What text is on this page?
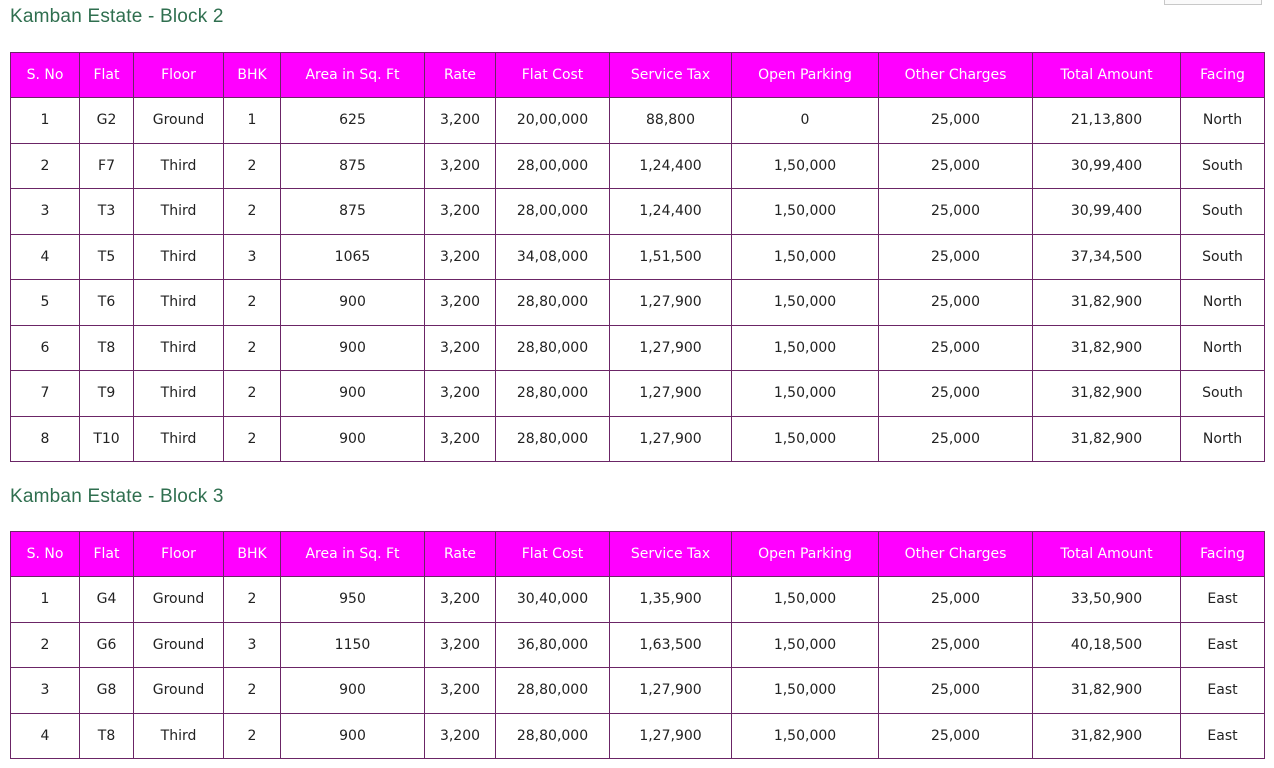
Kamban Estate - Block 2
S. No	Flat	Floor	BHK	Area in Sq. Ft	Rate	Flat Cost	Service Tax	Open Parking	Other Charges	Total Amount	Facing
1	G2	Ground	1	625	3,200	20,00,000	88,800	0	25,000	21,13,800	North
2	F7	Third	2	875	3,200	28,00,000	1,24,400	1,50,000	25,000	30,99,400	South
3	T3	Third	2	875	3,200	28,00,000	1,24,400	1,50,000	25,000	30,99,400	South
4	T5	Third	3	1065	3,200	34,08,000	1,51,500	1,50,000	25,000	37,34,500	South
5	T6	Third	2	900	3,200	28,80,000	1,27,900	1,50,000	25,000	31,82,900	North
6	T8	Third	2	900	3,200	28,80,000	1,27,900	1,50,000	25,000	31,82,900	North
7	T9	Third	2	900	3,200	28,80,000	1,27,900	1,50,000	25,000	31,82,900	South
8	T10	Third	2	900	3,200	28,80,000	1,27,900	1,50,000	25,000	31,82,900	North
Kamban Estate - Block 3
S. No	Flat	Floor	BHK	Area in Sq. Ft	Rate	Flat Cost	Service Tax	Open Parking	Other Charges	Total Amount	Facing
1	G4	Ground	2	950	3,200	30,40,000	1,35,900	1,50,000	25,000	33,50,900	East
2	G6	Ground	3	1150	3,200	36,80,000	1,63,500	1,50,000	25,000	40,18,500	East
3	G8	Ground	2	900	3,200	28,80,000	1,27,900	1,50,000	25,000	31,82,900	East
4	T8	Third	2	900	3,200	28,80,000	1,27,900	1,50,000	25,000	31,82,900	East
